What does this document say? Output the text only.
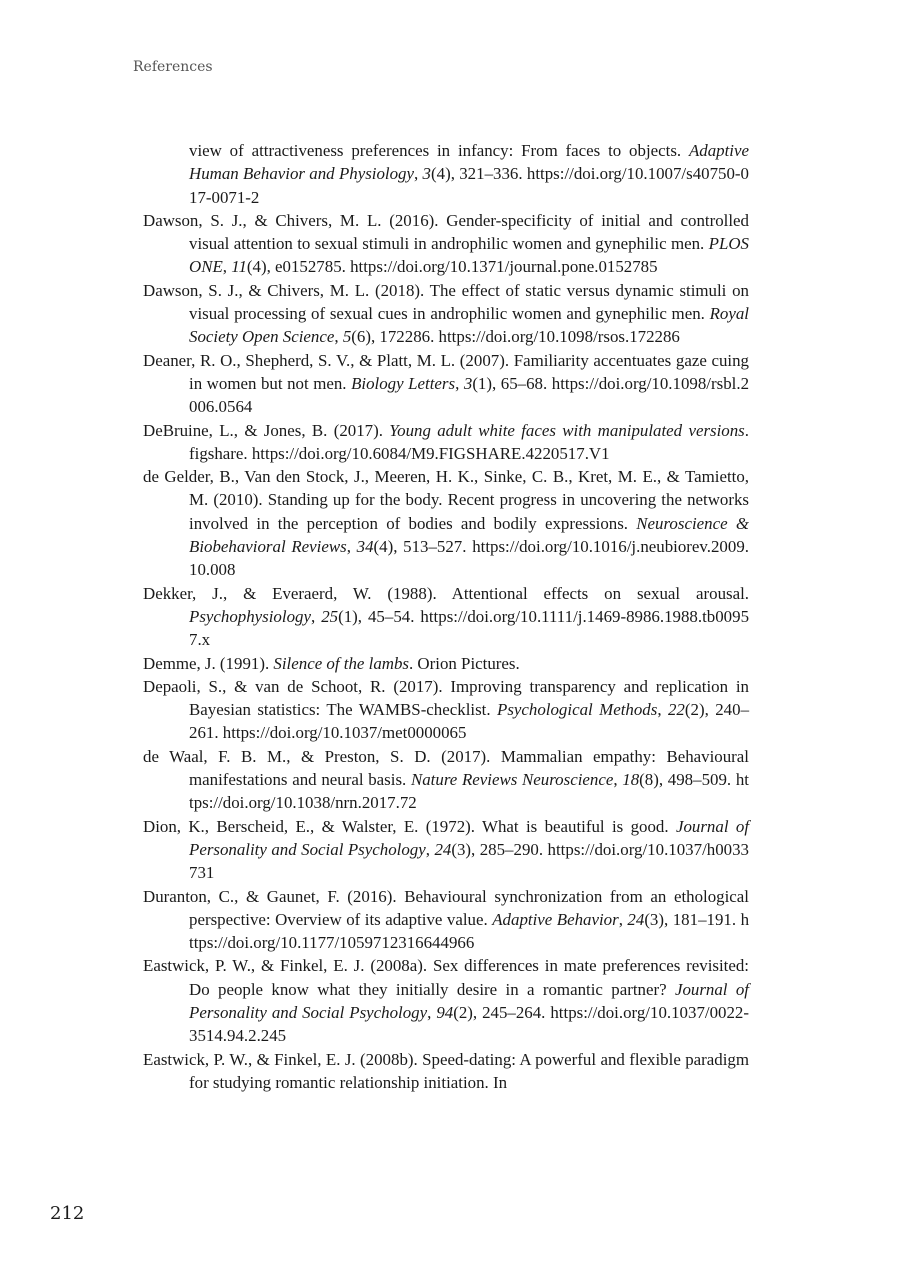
References

view of attractiveness preferences in infancy: From faces to objects. Adaptive Human Behavior and Physiology, 3(4), 321–336. https://doi.org/10.1007/s40750-017-0071-2

Dawson, S. J., & Chivers, M. L. (2016). Gender-specificity of initial and controlled visual attention to sexual stimuli in androphilic women and gynephilic men. PLOS ONE, 11(4), e0152785. https://doi.org/10.1371/journal.pone.0152785

Dawson, S. J., & Chivers, M. L. (2018). The effect of static versus dynamic stimuli on visual processing of sexual cues in androphilic women and gynephilic men. Royal Society Open Science, 5(6), 172286. https://doi.org/10.1098/rsos.172286

Deaner, R. O., Shepherd, S. V., & Platt, M. L. (2007). Familiarity accentuates gaze cuing in women but not men. Biology Letters, 3(1), 65–68. https://doi.org/10.1098/rsbl.2006.0564

DeBruine, L., & Jones, B. (2017). Young adult white faces with manipulated versions. figshare. https://doi.org/10.6084/M9.FIGSHARE.4220517.V1

de Gelder, B., Van den Stock, J., Meeren, H. K., Sinke, C. B., Kret, M. E., & Tamietto, M. (2010). Standing up for the body. Recent progress in uncovering the networks involved in the perception of bodies and bodily expressions. Neuroscience & Biobehavioral Reviews, 34(4), 513–527. https://doi.org/10.1016/j.neubiorev.2009.10.008

Dekker, J., & Everaerd, W. (1988). Attentional effects on sexual arousal. Psychophysiology, 25(1), 45–54. https://doi.org/10.1111/j.1469-8986.1988.tb00957.x

Demme, J. (1991). Silence of the lambs. Orion Pictures.

Depaoli, S., & van de Schoot, R. (2017). Improving transparency and replication in Bayesian statistics: The WAMBS-checklist. Psychological Methods, 22(2), 240–261. https://doi.org/10.1037/met0000065

de Waal, F. B. M., & Preston, S. D. (2017). Mammalian empathy: Behavioural manifestations and neural basis. Nature Reviews Neuroscience, 18(8), 498–509. https://doi.org/10.1038/nrn.2017.72

Dion, K., Berscheid, E., & Walster, E. (1972). What is beautiful is good. Journal of Personality and Social Psychology, 24(3), 285–290. https://doi.org/10.1037/h0033731

Duranton, C., & Gaunet, F. (2016). Behavioural synchronization from an ethological perspective: Overview of its adaptive value. Adaptive Behavior, 24(3), 181–191. https://doi.org/10.1177/1059712316644966

Eastwick, P. W., & Finkel, E. J. (2008a). Sex differences in mate preferences revisited: Do people know what they initially desire in a romantic partner? Journal of Personality and Social Psychology, 94(2), 245–264. https://doi.org/10.1037/0022-3514.94.2.245

Eastwick, P. W., & Finkel, E. J. (2008b). Speed-dating: A powerful and flexible paradigm for studying romantic relationship initiation. In

212
